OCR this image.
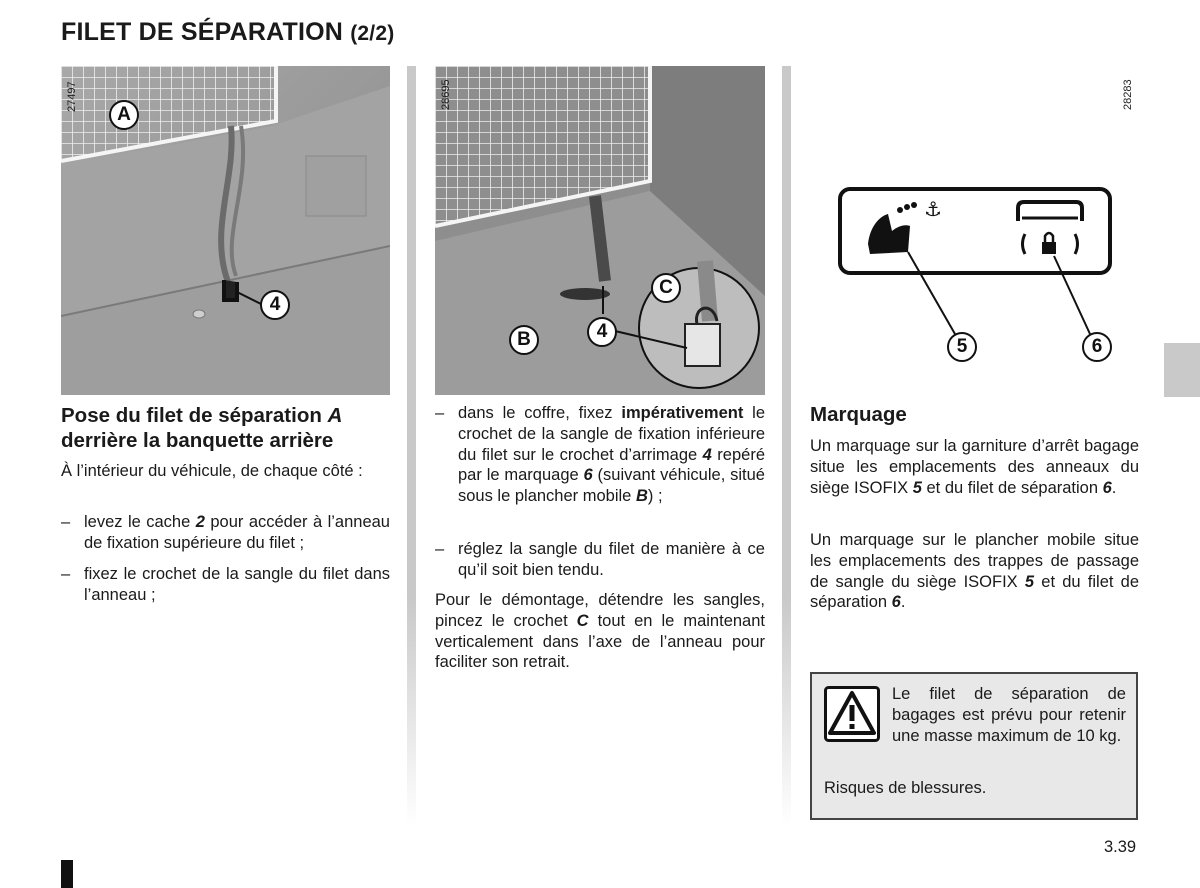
FILET DE SÉPARATION (2/2)
27497
A
4
28695
C
4
B
28283
⚓
5	6
Pose du filet de séparation A
derrière la banquette arrière

À l’intérieur du véhicule, de chaque côté :

– levez le cache 2 pour accéder à l’anneau de fixation supérieure du filet ;
– fixez le crochet de la sangle du filet dans l’anneau ;
– dans le coffre, fixez impérativement le crochet de la sangle de fixation inférieure du filet sur le crochet d’arrimage 4 repéré par le marquage 6 (suivant véhicule, situé sous le plancher mobile B) ;
– réglez la sangle du filet de manière à ce qu’il soit bien tendu.

Pour le démontage, détendre les sangles, pincez le crochet C tout en le maintenant verticalement dans l’axe de l’anneau pour faciliter son retrait.

Marquage

Un marquage sur la garniture d’arrêt bagage situe les emplacements des anneaux du siège ISOFIX 5 et du filet de séparation 6.

Un marquage sur le plancher mobile situe les emplacements des trappes de passage de sangle du siège ISOFIX 5 et du filet de séparation 6.

Le filet de séparation de bagages est prévu pour retenir une masse maximum de 10 kg.
Risques de blessures.
3.39
